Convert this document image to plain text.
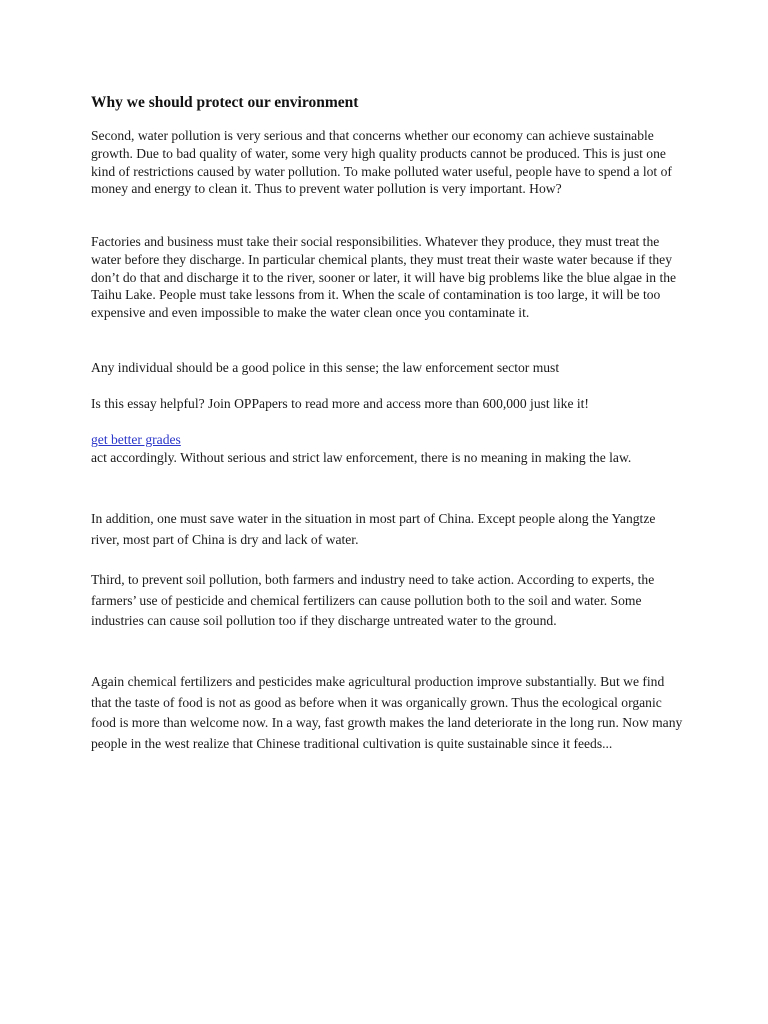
Why we should protect our environment

Second, water pollution is very serious and that concerns whether our economy can achieve sustainable growth. Due to bad quality of water, some very high quality products cannot be produced. This is just one kind of restrictions caused by water pollution. To make polluted water useful, people have to spend a lot of money and energy to clean it. Thus to prevent water pollution is very important. How?

Factories and business must take their social responsibilities. Whatever they produce, they must treat the water before they discharge. In particular chemical plants, they must treat their waste water because if they don’t do that and discharge it to the river, sooner or later, it will have big problems like the blue algae in the Taihu Lake. People must take lessons from it. When the scale of contamination is too large, it will be too expensive and even impossible to make the water clean once you contaminate it.

Any individual should be a good police in this sense; the law enforcement sector must

Is this essay helpful? Join OPPapers to read more and access more than 600,000 just like it!

get better grades

act accordingly. Without serious and strict law enforcement, there is no meaning in making the law.

In addition, one must save water in the situation in most part of China. Except people along the Yangtze river, most part of China is dry and lack of water.

Third, to prevent soil pollution, both farmers and industry need to take action. According to experts, the farmers’ use of pesticide and chemical fertilizers can cause pollution both to the soil and water. Some industries can cause soil pollution too if they discharge untreated water to the ground.

Again chemical fertilizers and pesticides make agricultural production improve substantially. But we find that the taste of food is not as good as before when it was organically grown. Thus the ecological organic food is more than welcome now. In a way, fast growth makes the land deteriorate in the long run. Now many people in the west realize that Chinese traditional cultivation is quite sustainable since it feeds...
